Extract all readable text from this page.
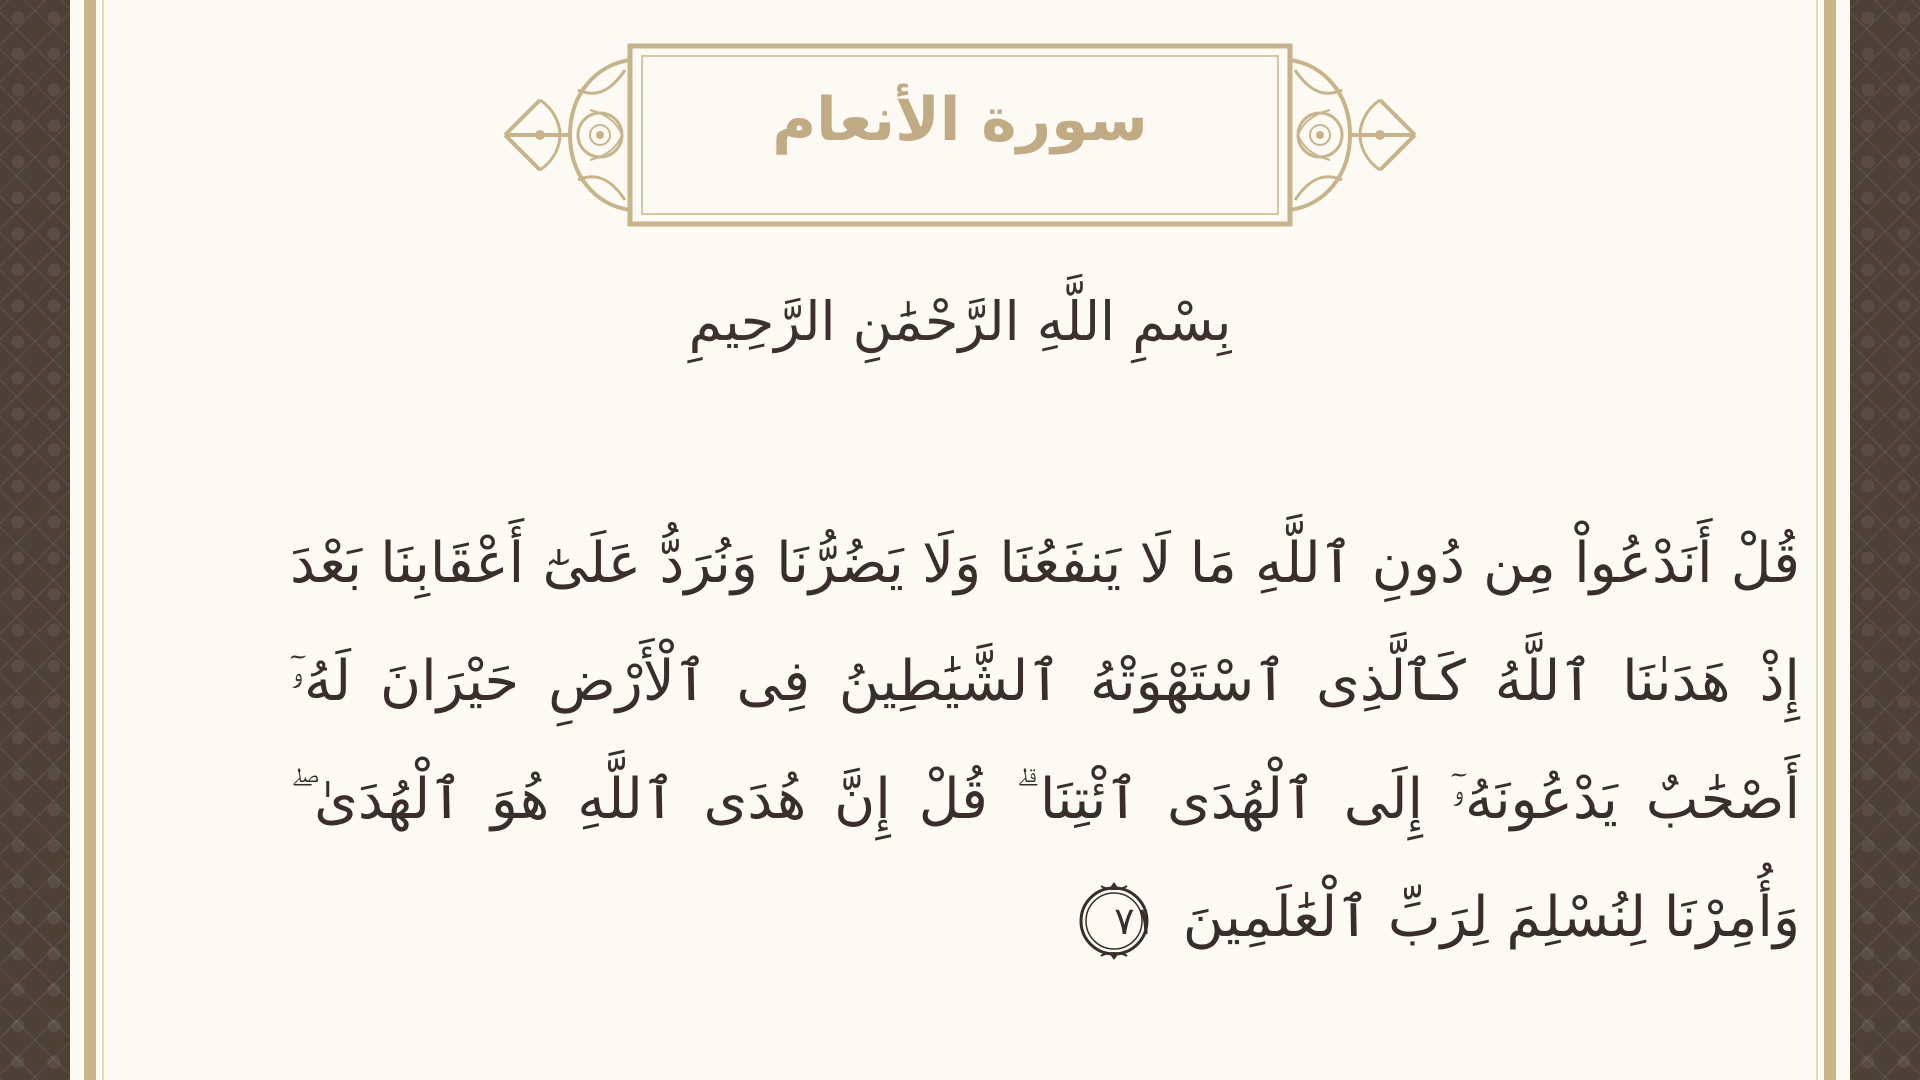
سورة الأنعام
بِسْمِ اللَّهِ الرَّحْمَٰنِ الرَّحِيمِ
قُلْ أَنَدْعُواْ مِن دُونِ ٱللَّهِ مَا لَا يَنفَعُنَا وَلَا يَضُرُّنَا وَنُرَدُّ عَلَىٰٓ أَعْقَابِنَا بَعْدَ إِذْ هَدَىٰنَا ٱللَّهُ كَٱلَّذِى ٱسْتَهْوَتْهُ ٱلشَّيَٰطِينُ فِى ٱلْأَرْضِ حَيْرَانَ لَهُۥٓ أَصْحَٰبٌ يَدْعُونَهُۥٓ إِلَى ٱلْهُدَى ٱئْتِنَا ۗ قُلْ إِنَّ هُدَى ٱللَّهِ هُوَ ٱلْهُدَىٰ ۖ وَأُمِرْنَا لِنُسْلِمَ لِرَبِّ ٱلْعَٰلَمِينَ
٧١
